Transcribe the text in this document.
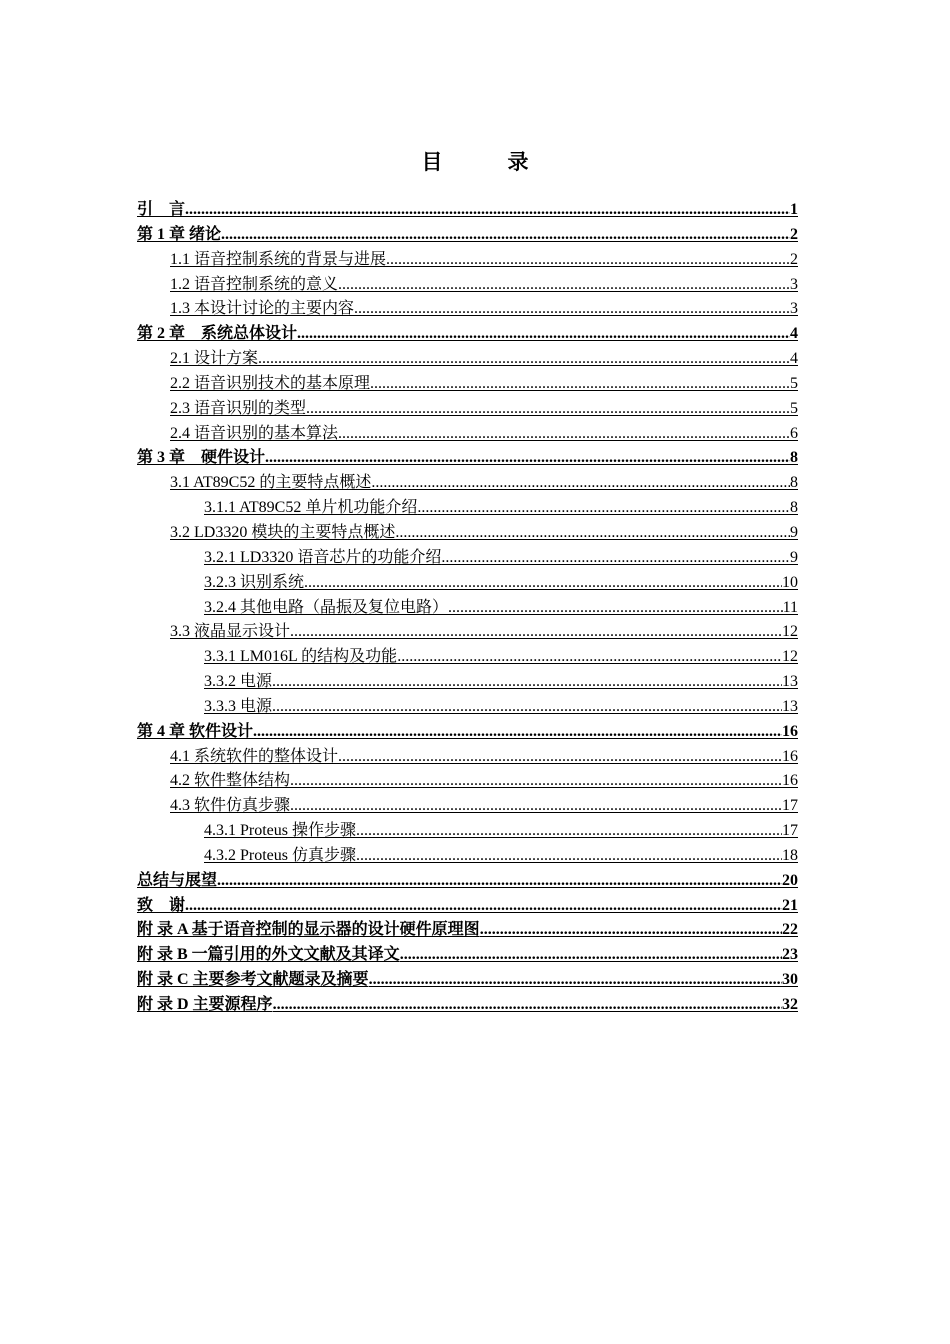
目　录
引　言 .....	1
第 1 章 绪论 .....	2
1.1 语音控制系统的背景与进展 .....	2
1.2 语音控制系统的意义 .....	3
1.3 本设计讨论的主要内容 .....	3
第 2 章　系统总体设计 .....	4
2.1 设计方案 .....	4
2.2 语音识别技术的基本原理 .....	5
2.3 语音识别的类型 .....	5
2.4 语音识别的基本算法 .....	6
第 3 章　硬件设计 .....	8
3.1 AT89C52 的主要特点概述 .....	8
3.1.1 AT89C52 单片机功能介绍 .....	8
3.2 LD3320 模块的主要特点概述 .....	9
3.2.1 LD3320 语音芯片的功能介绍 .....	9
3.2.3 识别系统 .....	10
3.2.4 其他电路（晶振及复位电路） .....	11
3.3 液晶显示设计 .....	12
3.3.1 LM016L 的结构及功能 .....	12
3.3.2 电源 .....	13
3.3.3 电源 .....	13
第 4 章 软件设计 .....	16
4.1 系统软件的整体设计 .....	16
4.2 软件整体结构 .....	16
4.3 软件仿真步骤 .....	17
4.3.1 Proteus 操作步骤 .....	17
4.3.2 Proteus 仿真步骤 .....	18
总结与展望 .....	20
致　谢 .....	21
附 录 A 基于语音控制的显示器的设计硬件原理图 .....	22
附 录 B 一篇引用的外文文献及其译文 .....	23
附 录 C 主要参考文献题录及摘要 .....	30
附 录 D 主要源程序 .....	32
